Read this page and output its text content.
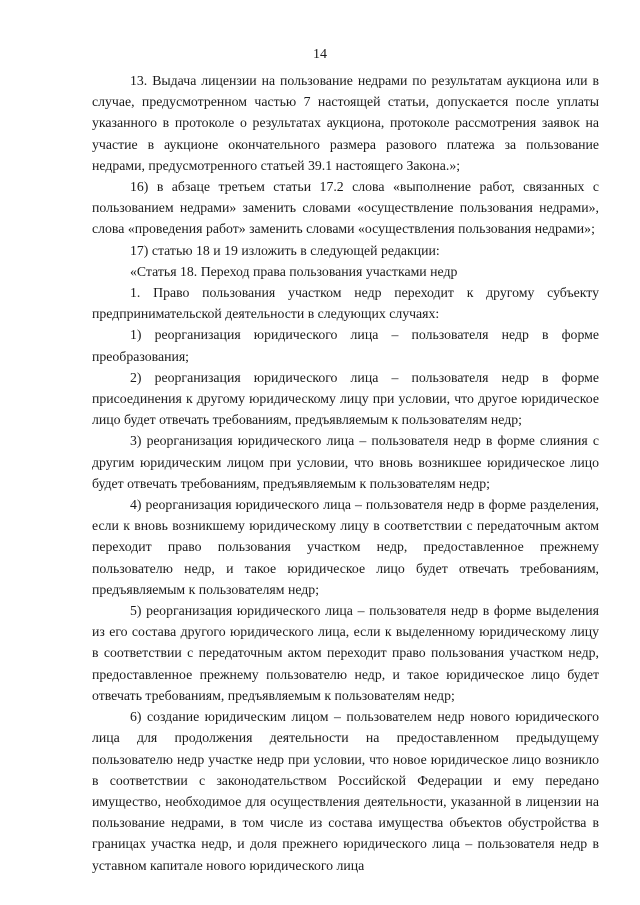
14

13. Выдача лицензии на пользование недрами по результатам аукциона или в случае, предусмотренном частью 7 настоящей статьи, допускается после уплаты указанного в протоколе о результатах аукциона, протоколе рассмотрения заявок на участие в аукционе окончательного размера разового платежа за пользование недрами, предусмотренного статьей 39.1 настоящего Закона.»;

16) в абзаце третьем статьи 17.2 слова «выполнение работ, связанных с пользованием недрами» заменить словами «осуществление пользования недрами», слова «проведения работ» заменить словами «осуществления пользования недрами»;

17) статью 18 и 19 изложить в следующей редакции:

«Статья 18. Переход права пользования участками недр

1. Право пользования участком недр переходит к другому субъекту предпринимательской деятельности в следующих случаях:

1) реорганизация юридического лица – пользователя недр в форме преобразования;

2) реорганизация юридического лица – пользователя недр в форме присоединения к другому юридическому лицу при условии, что другое юридическое лицо будет отвечать требованиям, предъявляемым к пользователям недр;

3) реорганизация юридического лица – пользователя недр в форме слияния с другим юридическим лицом при условии, что вновь возникшее юридическое лицо будет отвечать требованиям, предъявляемым к пользователям недр;

4) реорганизация юридического лица – пользователя недр в форме разделения, если к вновь возникшему юридическому лицу в соответствии с передаточным актом переходит право пользования участком недр, предоставленное прежнему пользователю недр, и такое юридическое лицо будет отвечать требованиям, предъявляемым к пользователям недр;

5) реорганизация юридического лица – пользователя недр в форме выделения из его состава другого юридического лица, если к выделенному юридическому лицу в соответствии с передаточным актом переходит право пользования участком недр, предоставленное прежнему пользователю недр, и такое юридическое лицо будет отвечать требованиям, предъявляемым к пользователям недр;

6) создание юридическим лицом – пользователем недр нового юридического лица для продолжения деятельности на предоставленном предыдущему пользователю недр участке недр при условии, что новое юридическое лицо возникло в соответствии с законодательством Российской Федерации и ему передано имущество, необходимое для осуществления деятельности, указанной в лицензии на пользование недрами, в том числе из состава имущества объектов обустройства в границах участка недр, и доля прежнего юридического лица – пользователя недр в уставном капитале нового юридического лица
